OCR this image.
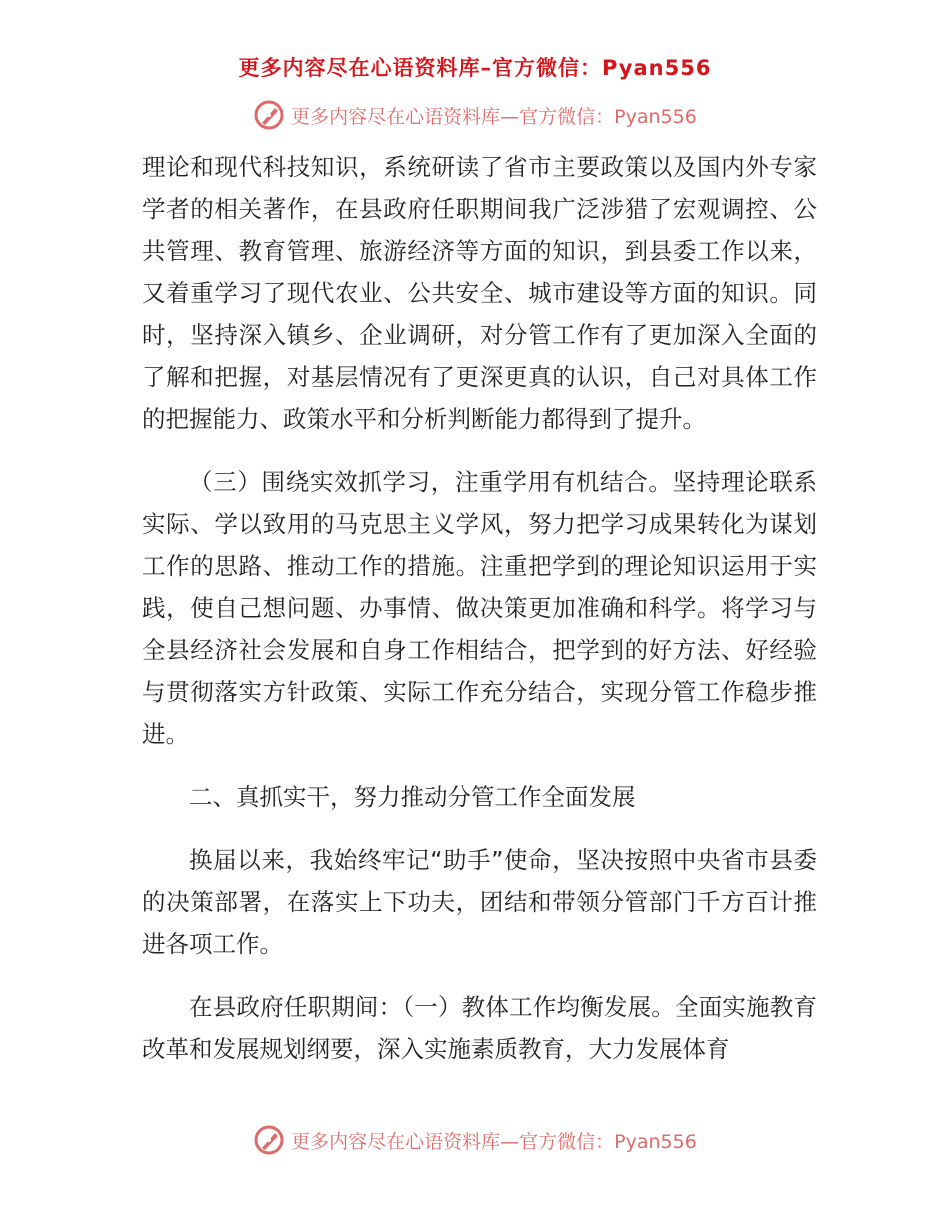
更多内容尽在心语资料库–官方微信：Pyan556
更多内容尽在心语资料库—官方微信：Pyan556

理论和现代科技知识，系统研读了省市主要政策以及国内外专家学者的相关著作，在县政府任职期间我广泛涉猎了宏观调控、公共管理、教育管理、旅游经济等方面的知识，到县委工作以来，又着重学习了现代农业、公共安全、城市建设等方面的知识。同时，坚持深入镇乡、企业调研，对分管工作有了更加深入全面的了解和把握，对基层情况有了更深更真的认识，自己对具体工作的把握能力、政策水平和分析判断能力都得到了提升。

（三）围绕实效抓学习，注重学用有机结合。坚持理论联系实际、学以致用的马克思主义学风，努力把学习成果转化为谋划工作的思路、推动工作的措施。注重把学到的理论知识运用于实践，使自己想问题、办事情、做决策更加准确和科学。将学习与全县经济社会发展和自身工作相结合，把学到的好方法、好经验与贯彻落实方针政策、实际工作充分结合，实现分管工作稳步推进。

二、真抓实干，努力推动分管工作全面发展

换届以来，我始终牢记“助手”使命，坚决按照中央省市县委的决策部署，在落实上下功夫，团结和带领分管部门千方百计推进各项工作。

在县政府任职期间：（一）教体工作均衡发展。全面实施教育改革和发展规划纲要，深入实施素质教育，大力发展体育

更多内容尽在心语资料库—官方微信：Pyan556
